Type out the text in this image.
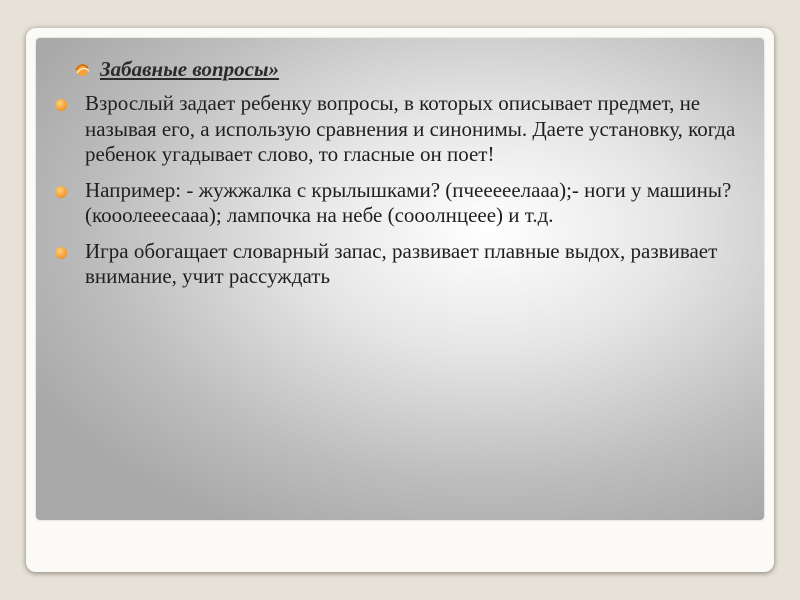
Забавные вопросы»
Взрослый задает ребенку вопросы, в которых описывает предмет, не называя его, а использую сравнения и синонимы. Даете установку, когда ребенок угадывает слово, то гласные он поет!
Например: - жужжалка с крылышками? (пчеееeелааа);- ноги у машины? (кооолееесааа); лампочка на небе (сооолнцеее) и т.д.
Игра обогащает словарный запас, развивает плавные выдох, развивает внимание, учит рассуждать
